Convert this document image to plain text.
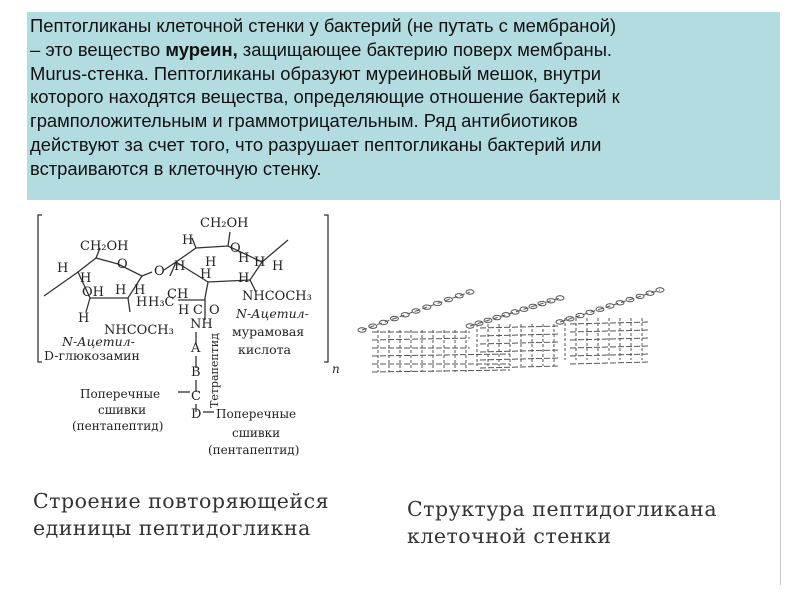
Пептогликаны клеточной стенки у бактерий (не путать с мембраной)
– это вещество муреин, защищающее бактерию поверх мембраны.
Murus-стенка. Пептогликаны образуют муреиновый мешок, внутри
которого находятся вещества, определяющие отношение бактерий к
грамположительным и граммотрицательным. Ряд антибиотиков
действуют за счет того, что разрушает пептогликаны бактерий или
встраиваются в клеточную стенку.
CH₂OH
CH₂OH
O
O
O
H
H
OH H H
H
H
NHCOCH₃
H
H H
H
H H H
H
H₃C
CH
H C O
NH
NHCOCH₃
N-Ацетил-
D-глюкозамин
N-Ацетил-
мурамовая
кислота
n
A
B
C
D
Тетрапептид
Поперечные
сшивки
(пентапептид)
Поперечные
сшивки
(пентапептид)
Строение повторяющейся
единицы пептидогликна
Структура пептидогликана
клеточной стенки
